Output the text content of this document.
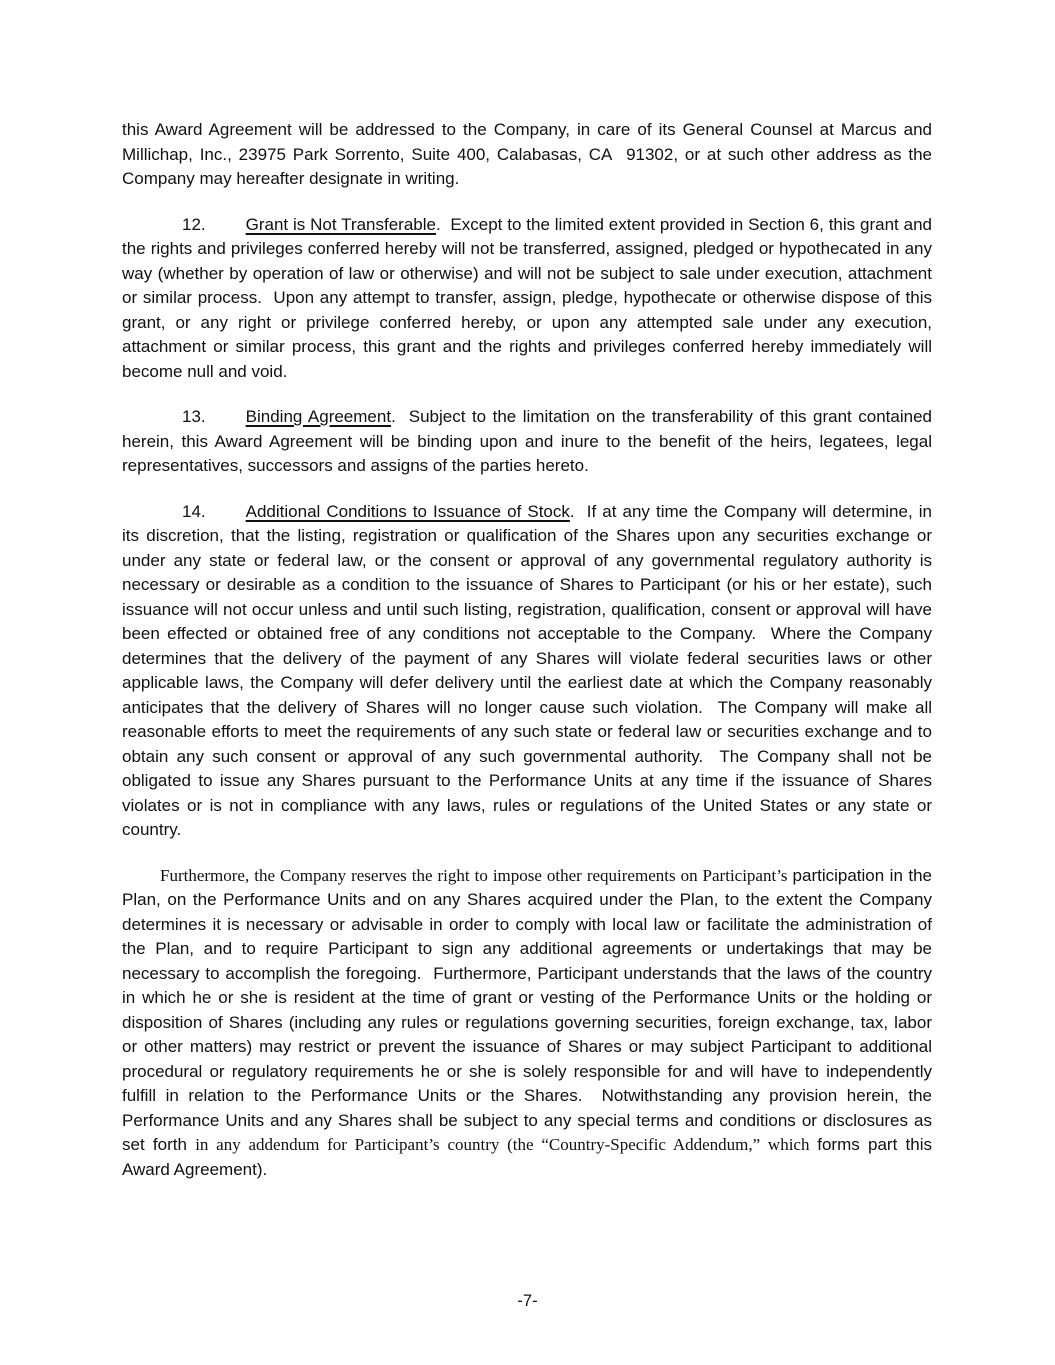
this Award Agreement will be addressed to the Company, in care of its General Counsel at Marcus and Millichap, Inc., 23975 Park Sorrento, Suite 400, Calabasas, CA  91302, or at such other address as the Company may hereafter designate in writing.

12. Grant is Not Transferable.  Except to the limited extent provided in Section 6, this grant and the rights and privileges conferred hereby will not be transferred, assigned, pledged or hypothecated in any way (whether by operation of law or otherwise) and will not be subject to sale under execution, attachment or similar process.  Upon any attempt to transfer, assign, pledge, hypothecate or otherwise dispose of this grant, or any right or privilege conferred hereby, or upon any attempted sale under any execution, attachment or similar process, this grant and the rights and privileges conferred hereby immediately will become null and void.

13. Binding Agreement.  Subject to the limitation on the transferability of this grant contained herein, this Award Agreement will be binding upon and inure to the benefit of the heirs, legatees, legal representatives, successors and assigns of the parties hereto.

14. Additional Conditions to Issuance of Stock.  If at any time the Company will determine, in its discretion, that the listing, registration or qualification of the Shares upon any securities exchange or under any state or federal law, or the consent or approval of any governmental regulatory authority is necessary or desirable as a condition to the issuance of Shares to Participant (or his or her estate), such issuance will not occur unless and until such listing, registration, qualification, consent or approval will have been effected or obtained free of any conditions not acceptable to the Company.  Where the Company determines that the delivery of the payment of any Shares will violate federal securities laws or other applicable laws, the Company will defer delivery until the earliest date at which the Company reasonably anticipates that the delivery of Shares will no longer cause such violation.  The Company will make all reasonable efforts to meet the requirements of any such state or federal law or securities exchange and to obtain any such consent or approval of any such governmental authority.  The Company shall not be obligated to issue any Shares pursuant to the Performance Units at any time if the issuance of Shares violates or is not in compliance with any laws, rules or regulations of the United States or any state or country.

Furthermore, the Company reserves the right to impose other requirements on Participant’s participation in the Plan, on the Performance Units and on any Shares acquired under the Plan, to the extent the Company determines it is necessary or advisable in order to comply with local law or facilitate the administration of the Plan, and to require Participant to sign any additional agreements or undertakings that may be necessary to accomplish the foregoing.  Furthermore, Participant understands that the laws of the country in which he or she is resident at the time of grant or vesting of the Performance Units or the holding or disposition of Shares (including any rules or regulations governing securities, foreign exchange, tax, labor or other matters) may restrict or prevent the issuance of Shares or may subject Participant to additional procedural or regulatory requirements he or she is solely responsible for and will have to independently fulfill in relation to the Performance Units or the Shares.  Notwithstanding any provision herein, the Performance Units and any Shares shall be subject to any special terms and conditions or disclosures as set forth in any addendum for Participant’s country (the “Country-Specific Addendum,” which forms part this Award Agreement).

-7-
